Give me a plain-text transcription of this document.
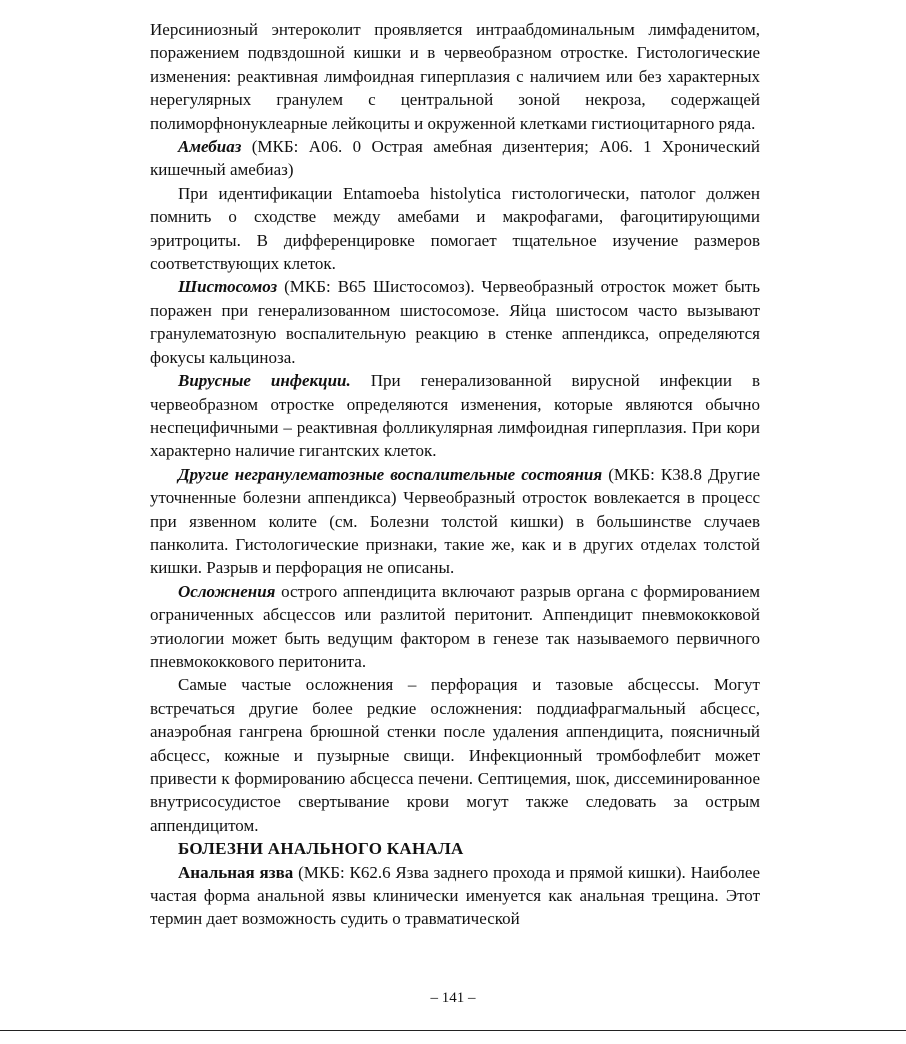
Иерсиниозный энтероколит проявляется интраабдоминальным лимфаденитом, поражением подвздошной кишки и в червеобразном отростке. Гистологические изменения: реактивная лимфоидная гиперплазия с наличием или без характерных нерегулярных гранулем с центральной зоной некроза, содержащей полиморфнонуклеарные лейкоциты и окруженной клетками гистиоцитарного ряда.

Амебиаз (МКБ: А06. 0 Острая амебная дизентерия; А06. 1 Хронический кишечный амебиаз)

При идентификации Entamoeba histolytica гистологически, патолог должен помнить о сходстве между амебами и макрофагами, фагоцитирующими эритроциты. В дифференцировке помогает тщательное изучение размеров соответствующих клеток.

Шистосомоз (МКБ: В65 Шистосомоз). Червеобразный отросток может быть поражен при генерализованном шистосомозе. Яйца шистосом часто вызывают гранулематозную воспалительную реакцию в стенке аппендикса, определяются фокусы кальциноза.

Вирусные инфекции. При генерализованной вирусной инфекции в червеобразном отростке определяются изменения, которые являются обычно неспецифичными – реактивная фолликулярная лимфоидная гиперплазия. При кори характерно наличие гигантских клеток.

Другие негранулематозные воспалительные состояния (МКБ: К38.8 Другие уточненные болезни аппендикса) Червеобразный отросток вовлекается в процесс при язвенном колите (см. Болезни толстой кишки) в большинстве случаев панколита. Гистологические признаки, такие же, как и в других отделах толстой кишки. Разрыв и перфорация не описаны.

Осложнения острого аппендицита включают разрыв органа с формированием ограниченных абсцессов или разлитой перитонит. Аппендицит пневмококковой этиологии может быть ведущим фактором в генезе так называемого первичного пневмококкового перитонита.

Самые частые осложнения – перфорация и тазовые абсцессы. Могут встречаться другие более редкие осложнения: поддиафрагмальный абсцесс, анаэробная гангрена брюшной стенки после удаления аппендицита, поясничный абсцесс, кожные и пузырные свищи. Инфекционный тромбофлебит может привести к формированию абсцесса печени. Септицемия, шок, диссеминированное внутрисосудистое свертывание крови могут также следовать за острым аппендицитом.

БОЛЕЗНИ АНАЛЬНОГО КАНАЛА

Анальная язва (МКБ: К62.6 Язва заднего прохода и прямой кишки). Наиболее частая форма анальной язвы клинически именуется как анальная трещина. Этот термин дает возможность судить о травматической

– 141 –
